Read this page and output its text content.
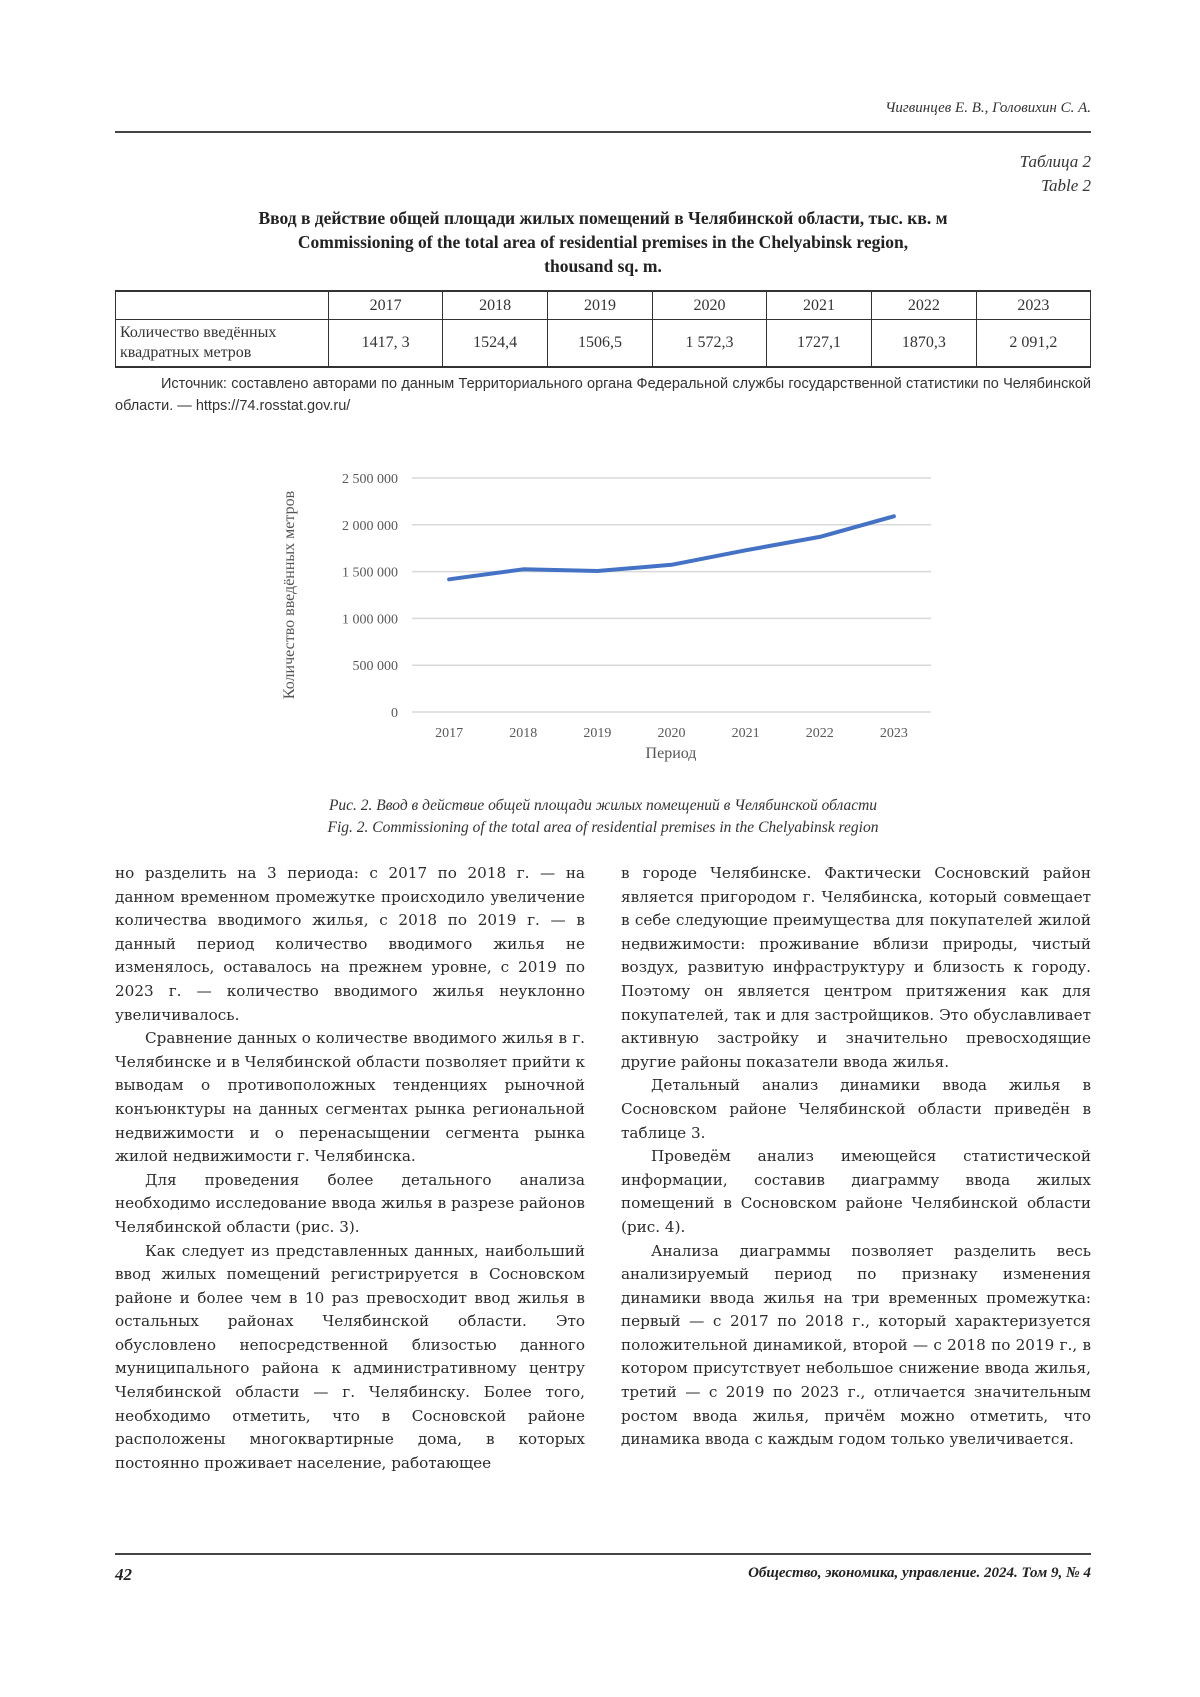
Чигвинцев Е. В., Головихин С. А.
Таблица 2
Table 2
Ввод в действие общей площади жилых помещений в Челябинской области, тыс. кв. м
Commissioning of the total area of residential premises in the Chelyabinsk region,
thousand sq. m.
	2017	2018	2019	2020	2021	2022	2023
Количество введённых квадратных метров	1417, 3	1524,4	1506,5	1 572,3	1727,1	1870,3	2 091,2
Источник: составлено авторами по данным Территориального органа Федеральной службы государственной статистики по Челябинской области. — https://74.rosstat.gov.ru/
0
500 000
1 000 000
1 500 000
2 000 000
2 500 000
2017	2018	2019	2020	2021	2022	2023
Количество введённых метров
Период
Рис. 2. Ввод в действие общей площади жилых помещений в Челябинской области
Fig. 2. Commissioning of the total area of residential premises in the Chelyabinsk region

но разделить на 3 периода: с 2017 по 2018 г. — на данном временном промежутке происходило увеличение количества вводимого жилья, с 2018 по 2019 г. — в данный период количество вводимого жилья не изменялось, оставалось на прежнем уровне, с 2019 по 2023 г. — количество вводимого жилья неуклонно увеличивалось.

Сравнение данных о количестве вводимого жилья в г. Челябинске и в Челябинской области позволяет прийти к выводам о противоположных тенденциях рыночной конъюнктуры на данных сегментах рынка региональной недвижимости и о перенасыщении сегмента рынка жилой недвижимости г. Челябинска.

Для проведения более детального анализа необходимо исследование ввода жилья в разрезе районов Челябинской области (рис. 3).

Как следует из представленных данных, наибольший ввод жилых помещений регистрируется в Сосновском районе и более чем в 10 раз превосходит ввод жилья в остальных районах Челябинской области. Это обусловлено непосредственной близостью данного муниципального района к административному центру Челябинской области — г. Челябинску. Более того, необходимо отметить, что в Сосновской районе расположены многоквартирные дома, в которых постоянно проживает население, работающее

в городе Челябинске. Фактически Сосновский район является пригородом г. Челябинска, который совмещает в себе следующие преимущества для покупателей жилой недвижимости: проживание вблизи природы, чистый воздух, развитую инфраструктуру и близость к городу. Поэтому он является центром притяжения как для покупателей, так и для застройщиков. Это обуславливает активную застройку и значительно превосходящие другие районы показатели ввода жилья.

Детальный анализ динамики ввода жилья в Сосновском районе Челябинской области приведён в таблице 3.

Проведём анализ имеющейся статистической информации, составив диаграмму ввода жилых помещений в Сосновском районе Челябинской области (рис. 4).

Анализа диаграммы позволяет разделить весь анализируемый период по признаку изменения динамики ввода жилья на три временных промежутка: первый — с 2017 по 2018 г., который характеризуется положительной динамикой, второй — с 2018 по 2019 г., в котором присутствует небольшое снижение ввода жилья, третий — с 2019 по 2023 г., отличается значительным ростом ввода жилья, причём можно отметить, что динамика ввода с каждым годом только увеличивается.

42	Общество, экономика, управление. 2024. Том 9, № 4
